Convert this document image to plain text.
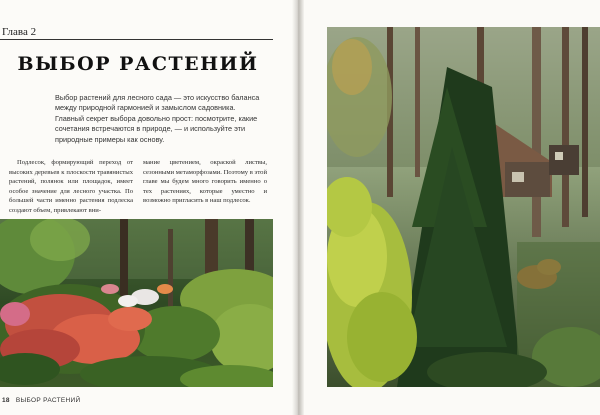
Глава 2
ВЫБОР РАСТЕНИЙ

Выбор растений для лесного сада — это искусство баланса между природной гармонией и замыслом садовника. Главный секрет выбора довольно прост: посмотрите, какие сочетания встречаются в природе, — и используйте эти природные примеры как основу.

Подлесок, формирующий переход от высоких деревьев к плоскости травянистых растений, полянок или площадок, имеет особое значение для лесного участка. По большей части именно растения подлеска создают объем, привлекают вни-

мание цветением, окраской листвы, сезонными метаморфозами. Поэтому в этой главе мы будем много говорить именно о тех растениях, которые уместно и возможно пригласить в наш подлесок.

18 ВЫБОР РАСТЕНИЙ
